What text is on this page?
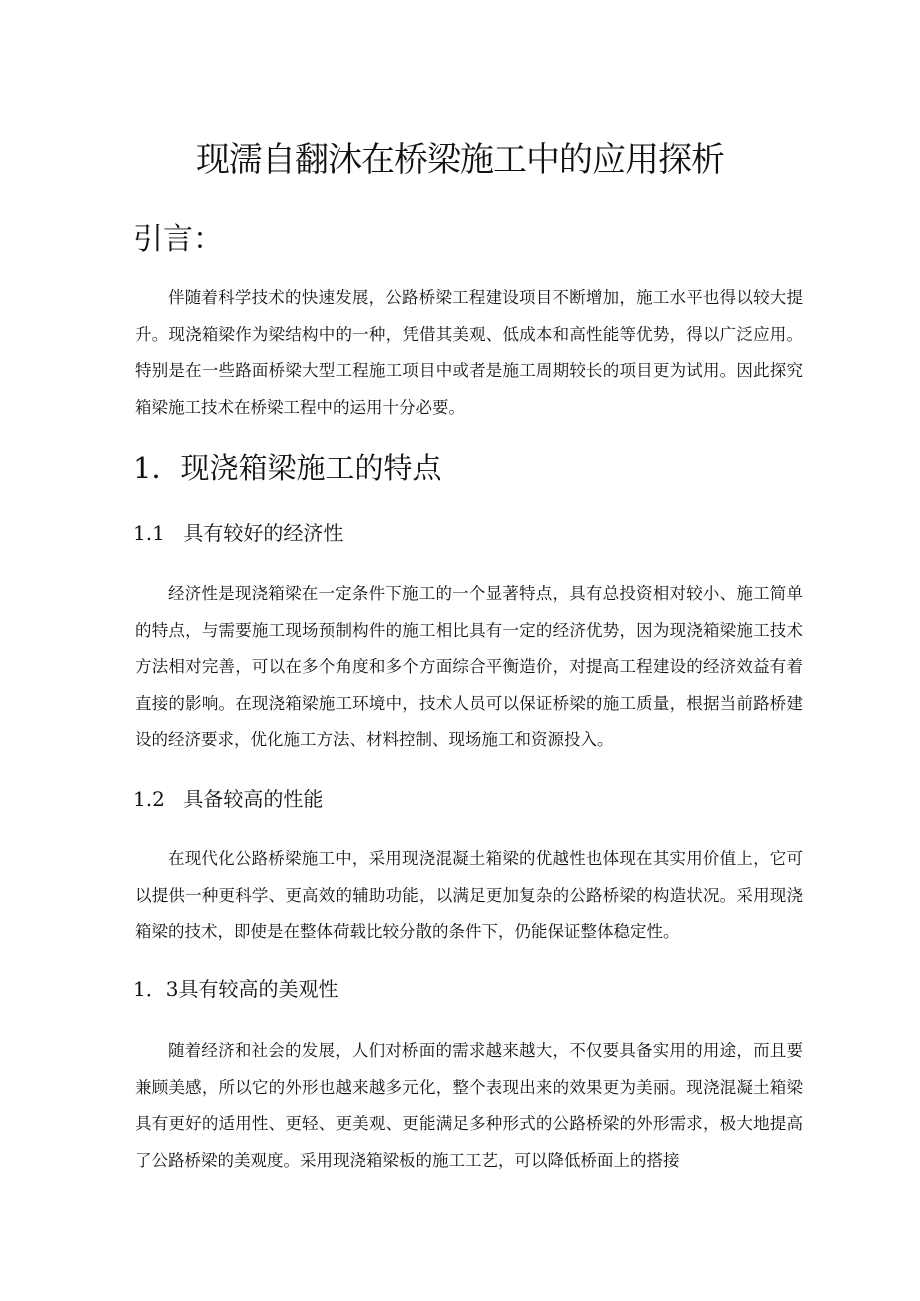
现濡自翻沐在桥梁施工中的应用探析
引言：

伴随着科学技术的快速发展，公路桥梁工程建设项目不断增加，施工水平也得以较大提升。现浇箱梁作为梁结构中的一种，凭借其美观、低成本和高性能等优势，得以广泛应用。特别是在一些路面桥梁大型工程施工项目中或者是施工周期较长的项目更为试用。因此探究箱梁施工技术在桥梁工程中的运用十分必要。

1．现浇箱梁施工的特点
1.1 具有较好的经济性

经济性是现浇箱梁在一定条件下施工的一个显著特点，具有总投资相对较小、施工简单的特点，与需要施工现场预制构件的施工相比具有一定的经济优势，因为现浇箱梁施工技术方法相对完善，可以在多个角度和多个方面综合平衡造价，对提高工程建设的经济效益有着直接的影响。在现浇箱梁施工环境中，技术人员可以保证桥梁的施工质量，根据当前路桥建设的经济要求，优化施工方法、材料控制、现场施工和资源投入。

1.2 具备较高的性能

在现代化公路桥梁施工中，采用现浇混凝土箱梁的优越性也体现在其实用价值上，它可以提供一种更科学、更高效的辅助功能，以满足更加复杂的公路桥梁的构造状况。采用现浇箱梁的技术，即使是在整体荷载比较分散的条件下，仍能保证整体稳定性。

1．3具有较高的美观性

随着经济和社会的发展，人们对桥面的需求越来越大，不仅要具备实用的用途，而且要兼顾美感，所以它的外形也越来越多元化，整个表现出来的效果更为美丽。现浇混凝土箱梁具有更好的适用性、更轻、更美观、更能满足多种形式的公路桥梁的外形需求，极大地提高了公路桥梁的美观度。采用现浇箱梁板的施工工艺，可以降低桥面上的搭接
